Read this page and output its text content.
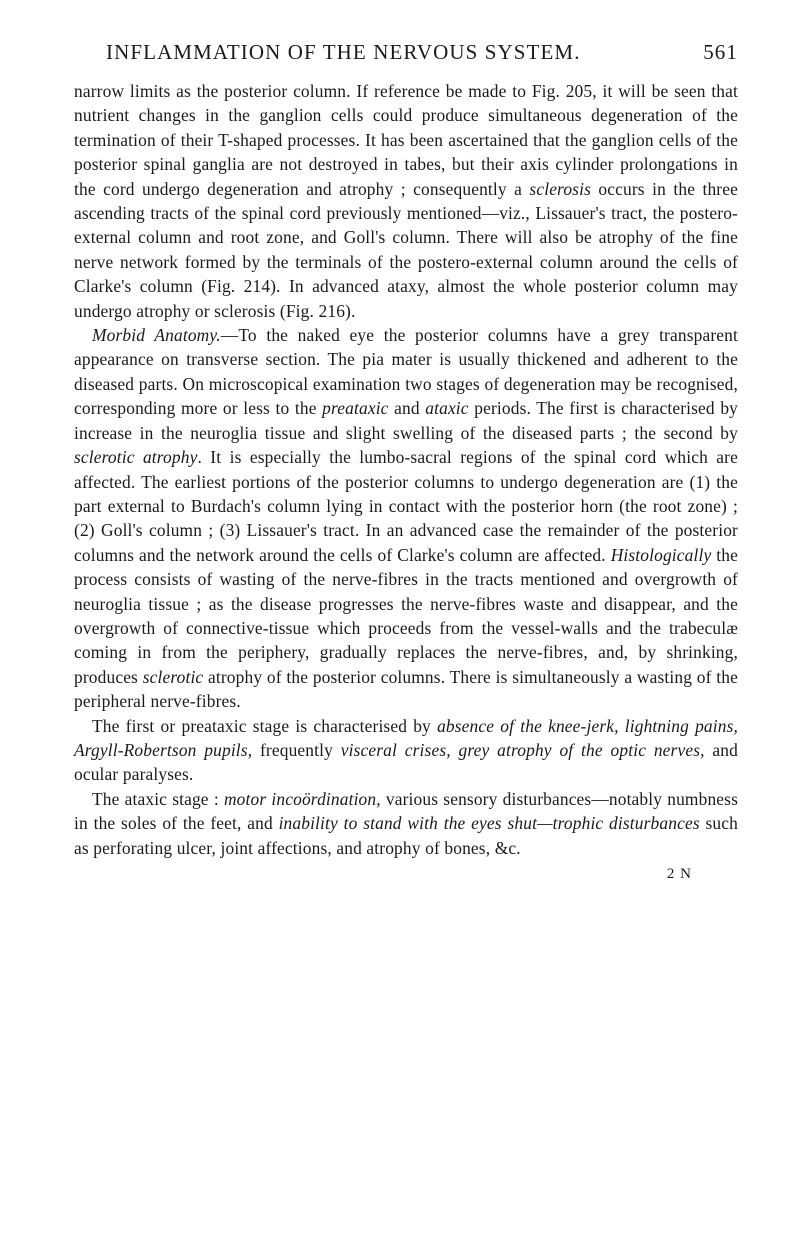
INFLAMMATION OF THE NERVOUS SYSTEM.	561

narrow limits as the posterior column. If reference be made to Fig. 205, it will be seen that nutrient changes in the ganglion cells could produce simultaneous degeneration of the termination of their T-shaped processes. It has been ascertained that the ganglion cells of the posterior spinal ganglia are not destroyed in tabes, but their axis cylinder prolongations in the cord undergo degeneration and atrophy ; consequently a sclerosis occurs in the three ascending tracts of the spinal cord previously mentioned—viz., Lissauer's tract, the postero-external column and root zone, and Goll's column. There will also be atrophy of the fine nerve network formed by the terminals of the postero-external column around the cells of Clarke's column (Fig. 214). In advanced ataxy, almost the whole posterior column may undergo atrophy or sclerosis (Fig. 216).

Morbid Anatomy.—To the naked eye the posterior columns have a grey transparent appearance on transverse section. The pia mater is usually thickened and adherent to the diseased parts. On microscopical examination two stages of degeneration may be recognised, corresponding more or less to the preataxic and ataxic periods. The first is characterised by increase in the neuroglia tissue and slight swelling of the diseased parts ; the second by sclerotic atrophy. It is especially the lumbo-sacral regions of the spinal cord which are affected. The earliest portions of the posterior columns to undergo degeneration are (1) the part external to Burdach's column lying in contact with the posterior horn (the root zone) ; (2) Goll's column ; (3) Lissauer's tract. In an advanced case the remainder of the posterior columns and the network around the cells of Clarke's column are affected. Histologically the process consists of wasting of the nerve-fibres in the tracts mentioned and overgrowth of neuroglia tissue ; as the disease progresses the nerve-fibres waste and disappear, and the overgrowth of connective-tissue which proceeds from the vessel-walls and the trabeculæ coming in from the periphery, gradually replaces the nerve-fibres, and, by shrinking, produces sclerotic atrophy of the posterior columns. There is simultaneously a wasting of the peripheral nerve-fibres.

The first or preataxic stage is characterised by absence of the knee-jerk, lightning pains, Argyll-Robertson pupils, frequently visceral crises, grey atrophy of the optic nerves, and ocular paralyses.

The ataxic stage : motor incoördination, various sensory disturbances—notably numbness in the soles of the feet, and inability to stand with the eyes shut—trophic disturbances such as perforating ulcer, joint affections, and atrophy of bones, &c.

2 N
